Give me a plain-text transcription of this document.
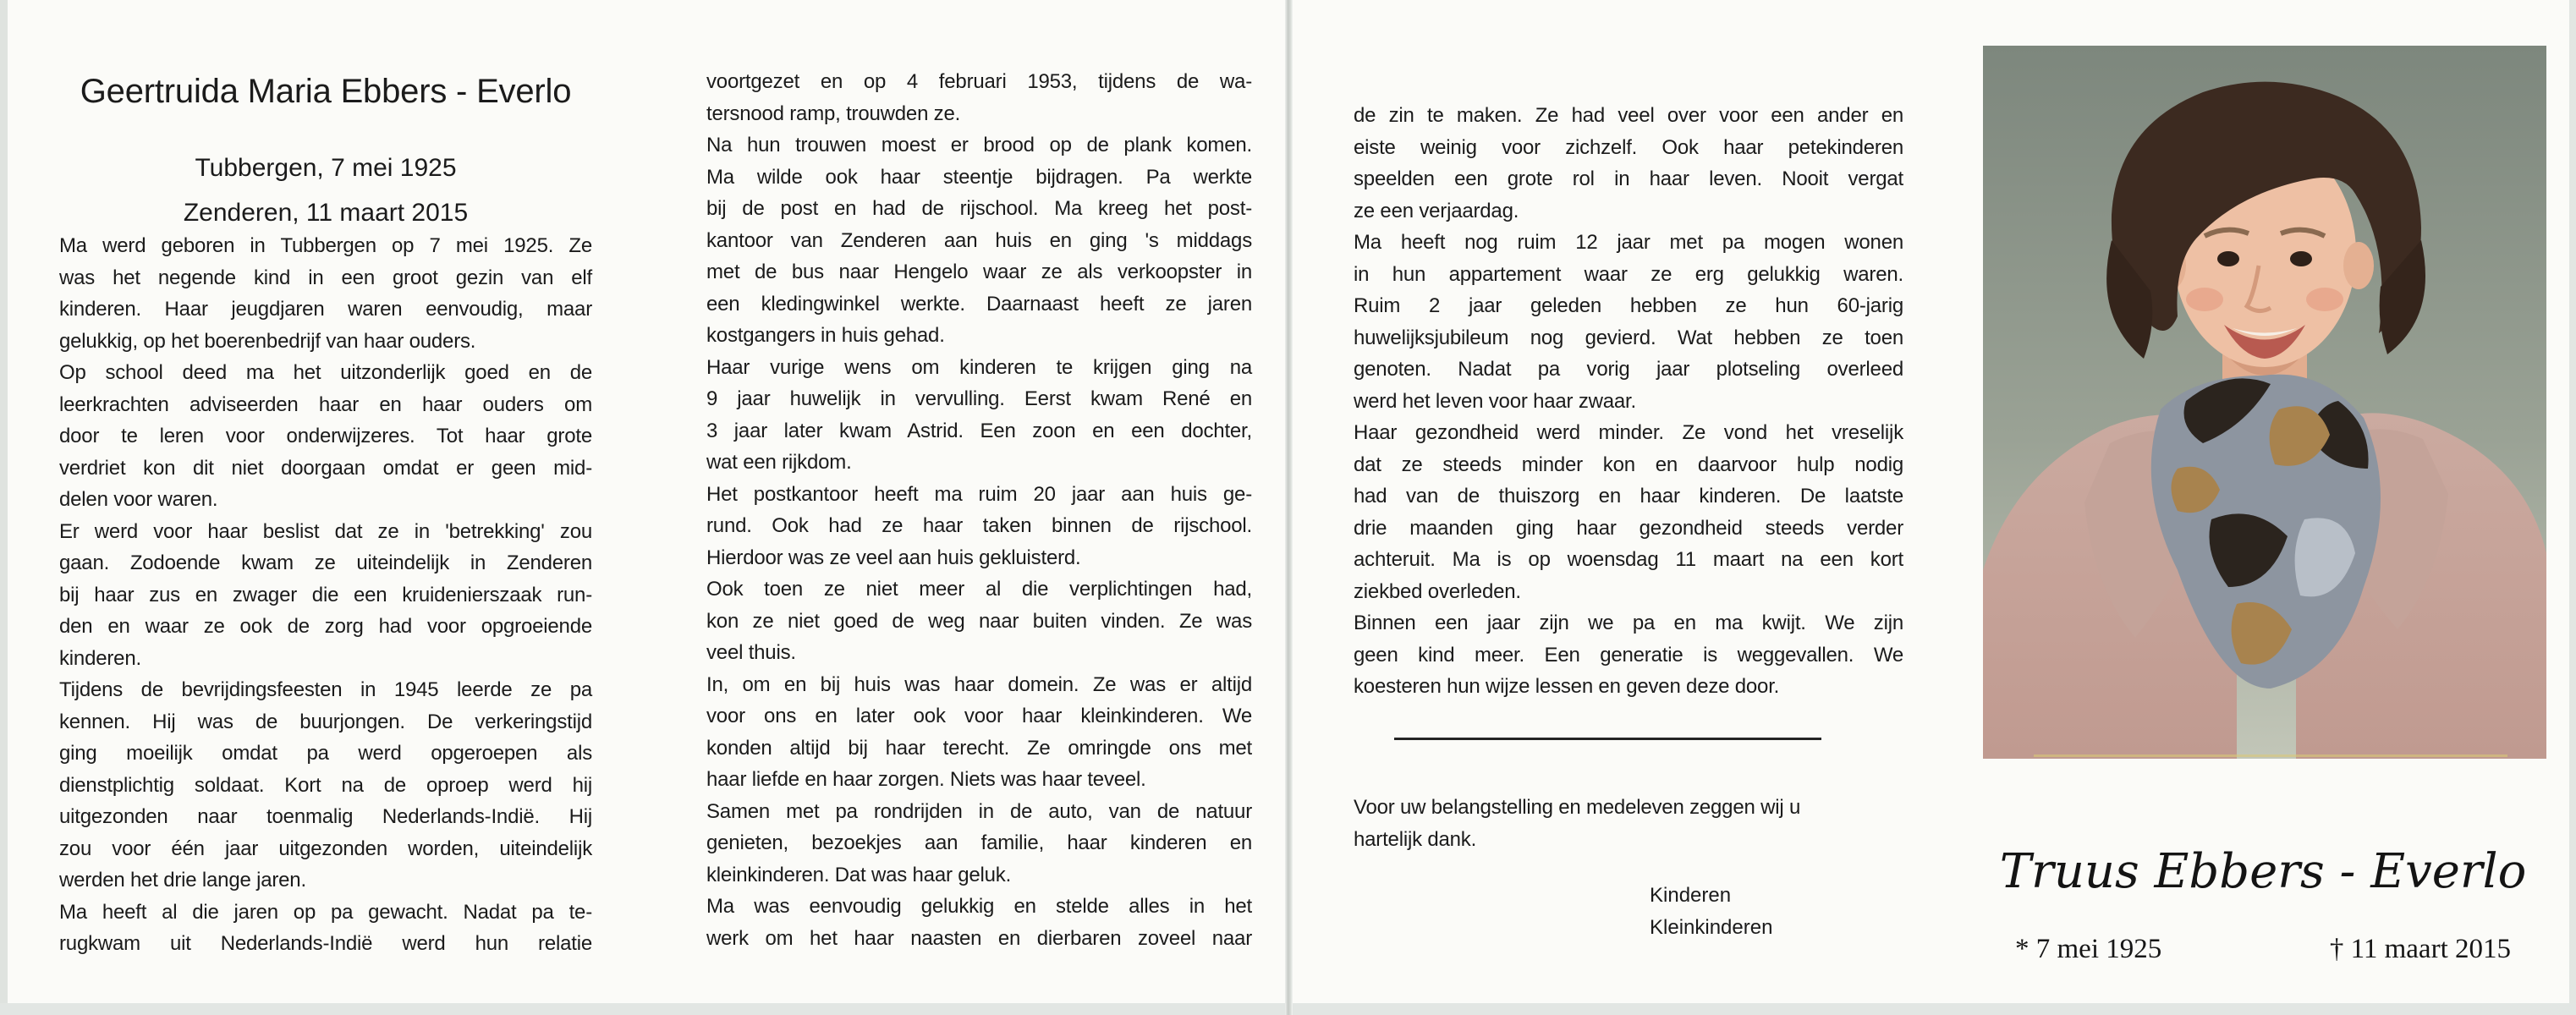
Geertruida Maria Ebbers - Everlo
Tubbergen, 7 mei 1925
Zenderen, 11 maart 2015
Ma werd geboren in Tubbergen op 7 mei 1925. Ze
was het negende kind in een groot gezin van elf
kinderen. Haar jeugdjaren waren eenvoudig, maar
gelukkig, op het boerenbedrijf van haar ouders.
Op school deed ma het uitzonderlijk goed en de
leerkrachten adviseerden haar en haar ouders om
door te leren voor onderwijzeres. Tot haar grote
verdriet kon dit niet doorgaan omdat er geen mid-
delen voor waren.
Er werd voor haar beslist dat ze in 'betrekking' zou
gaan. Zodoende kwam ze uiteindelijk in Zenderen
bij haar zus en zwager die een kruidenierszaak run-
den en waar ze ook de zorg had voor opgroeiende
kinderen.
Tijdens de bevrijdingsfeesten in 1945 leerde ze pa
kennen. Hij was de buurjongen. De verkeringstijd
ging moeilijk omdat pa werd opgeroepen als
dienstplichtig soldaat. Kort na de oproep werd hij
uitgezonden naar toenmalig Nederlands-Indië. Hij
zou voor één jaar uitgezonden worden, uiteindelijk
werden het drie lange jaren.
Ma heeft al die jaren op pa gewacht. Nadat pa te-
rugkwam uit Nederlands-Indië werd hun relatie
voortgezet en op 4 februari 1953, tijdens de wa-
tersnood ramp, trouwden ze.
Na hun trouwen moest er brood op de plank komen.
Ma wilde ook haar steentje bijdragen. Pa werkte
bij de post en had de rijschool. Ma kreeg het post-
kantoor van Zenderen aan huis en ging 's middags
met de bus naar Hengelo waar ze als verkoopster in
een kledingwinkel werkte. Daarnaast heeft ze jaren
kostgangers in huis gehad.
Haar vurige wens om kinderen te krijgen ging na
9 jaar huwelijk in vervulling. Eerst kwam René en
3 jaar later kwam Astrid. Een zoon en een dochter,
wat een rijkdom.
Het postkantoor heeft ma ruim 20 jaar aan huis ge-
rund. Ook had ze haar taken binnen de rijschool.
Hierdoor was ze veel aan huis gekluisterd.
Ook toen ze niet meer al die verplichtingen had,
kon ze niet goed de weg naar buiten vinden. Ze was
veel thuis.
In, om en bij huis was haar domein. Ze was er altijd
voor ons en later ook voor haar kleinkinderen. We
konden altijd bij haar terecht. Ze omringde ons met
haar liefde en haar zorgen. Niets was haar teveel.
Samen met pa rondrijden in de auto, van de natuur
genieten, bezoekjes aan familie, haar kinderen en
kleinkinderen. Dat was haar geluk.
Ma was eenvoudig gelukkig en stelde alles in het
werk om het haar naasten en dierbaren zoveel naar
de zin te maken. Ze had veel over voor een ander en
eiste weinig voor zichzelf. Ook haar petekinderen
speelden een grote rol in haar leven. Nooit vergat
ze een verjaardag.
Ma heeft nog ruim 12 jaar met pa mogen wonen
in hun appartement waar ze erg gelukkig waren.
Ruim 2 jaar geleden hebben ze hun 60-jarig
huwelijksjubileum nog gevierd. Wat hebben ze toen
genoten. Nadat pa vorig jaar plotseling overleed
werd het leven voor haar zwaar.
Haar gezondheid werd minder. Ze vond het vreselijk
dat ze steeds minder kon en daarvoor hulp nodig
had van de thuiszorg en haar kinderen. De laatste
drie maanden ging haar gezondheid steeds verder
achteruit. Ma is op woensdag 11 maart na een kort
ziekbed overleden.
Binnen een jaar zijn we pa en ma kwijt. We zijn
geen kind meer. Een generatie is weggevallen. We
koesteren hun wijze lessen en geven deze door.
Voor uw belangstelling en medeleven zeggen wij u
hartelijk dank.
Kinderen
Kleinkinderen
Truus Ebbers - Everlo
* 7 mei 1925	† 11 maart 2015
